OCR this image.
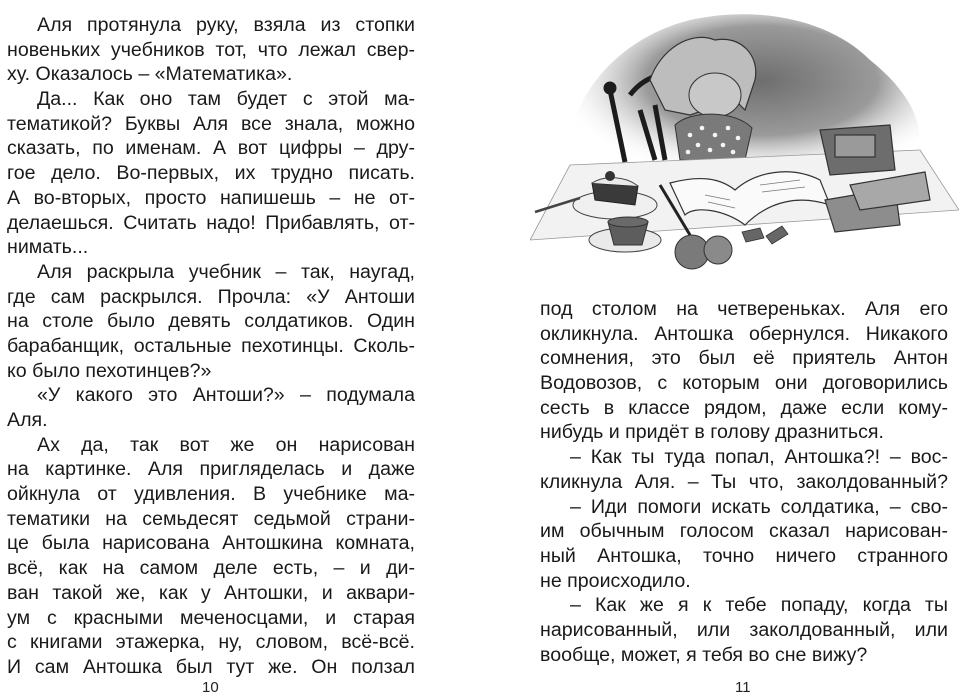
Аля протянула руку, взяла из стопки
новеньких учебников тот, что лежал свер-
ху. Оказалось – «Математика».
Да... Как оно там будет с этой ма-
тематикой? Буквы Аля все знала, можно
сказать, по именам. А вот цифры – дру-
гое дело. Во-первых, их трудно писать.
А во-вторых, просто напишешь – не от-
делаешься. Считать надо! Прибавлять, от-
нимать...
Аля раскрыла учебник – так, наугад,
где сам раскрылся. Прочла: «У Антоши
на столе было девять солдатиков. Один
барабанщик, остальные пехотинцы. Сколь-
ко было пехотинцев?»
«У какого это Антоши?» – подумала
Аля.
Ах да, так вот же он нарисован
на картинке. Аля пригляделась и даже
ойкнула от удивления. В учебнике ма-
тематики на семьдесят седьмой страни-
це была нарисована Антошкина комната,
всё, как на самом деле есть, – и ди-
ван такой же, как у Антошки, и аквари-
ум с красными меченосцами, и старая
с книгами этажерка, ну, словом, всё-всё.
И сам Антошка был тут же. Он ползал
под столом на четвереньках. Аля его
окликнула. Антошка обернулся. Никакого
сомнения, это был её приятель Антон
Водовозов, с которым они договорились
сесть в классе рядом, даже если кому-
нибудь и придёт в голову дразниться.
– Как ты туда попал, Антошка?! – вос-
кликнула Аля. – Ты что, заколдованный?
– Иди помоги искать солдатика, – сво-
им обычным голосом сказал нарисован-
ный Антошка, точно ничего странного
не происходило.
– Как же я к тебе попаду, когда ты
нарисованный, или заколдованный, или
вообще, может, я тебя во сне вижу?
10	11
